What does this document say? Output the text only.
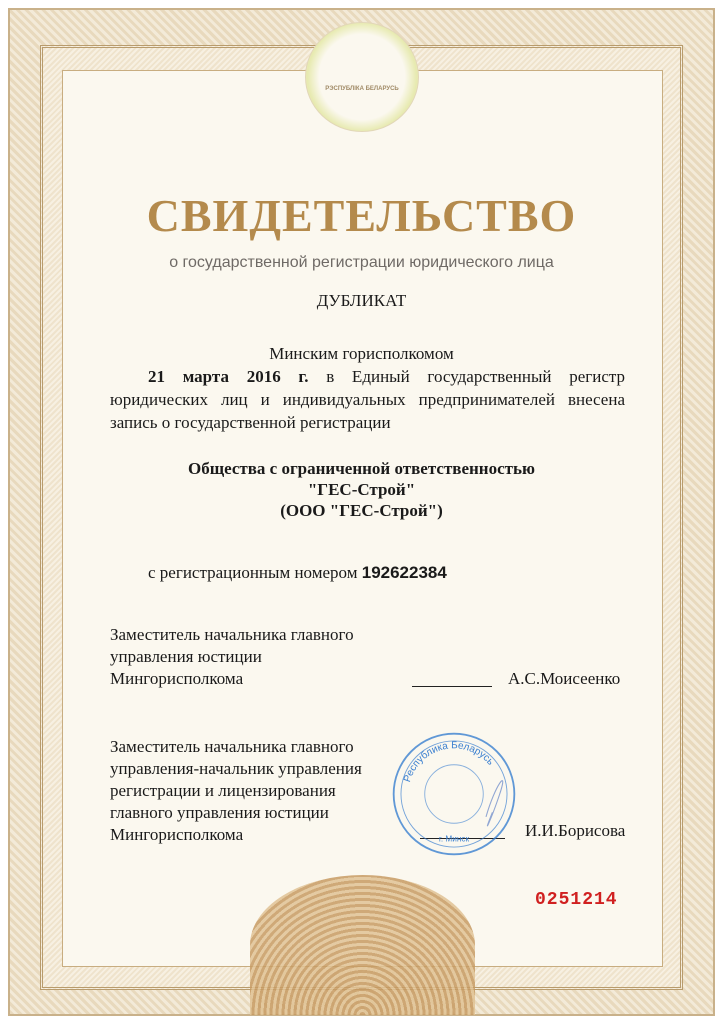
РЭСПУБЛІКА БЕЛАРУСЬ
СВИДЕТЕЛЬСТВО
о государственной регистрации юридического лица
ДУБЛИКАТ
Минским горисполкомом
21 марта 2016 г. в Единый государственный регистр
юридических лиц и индивидуальных предпринимателей внесена
запись о государственной регистрации
Общества с ограниченной ответственностью
"ГЕС-Строй"
(ООО "ГЕС-Строй")
с регистрационным номером 192622384
Заместитель начальника главного
управления юстиции
Мингорисполкома	А.С.Моисеенко
Заместитель начальника главного
управления-начальник управления
регистрации и лицензирования
главного управления юстиции
Мингорисполкома	И.И.Борисова
Республика Беларусь
г. Минск
0251214
